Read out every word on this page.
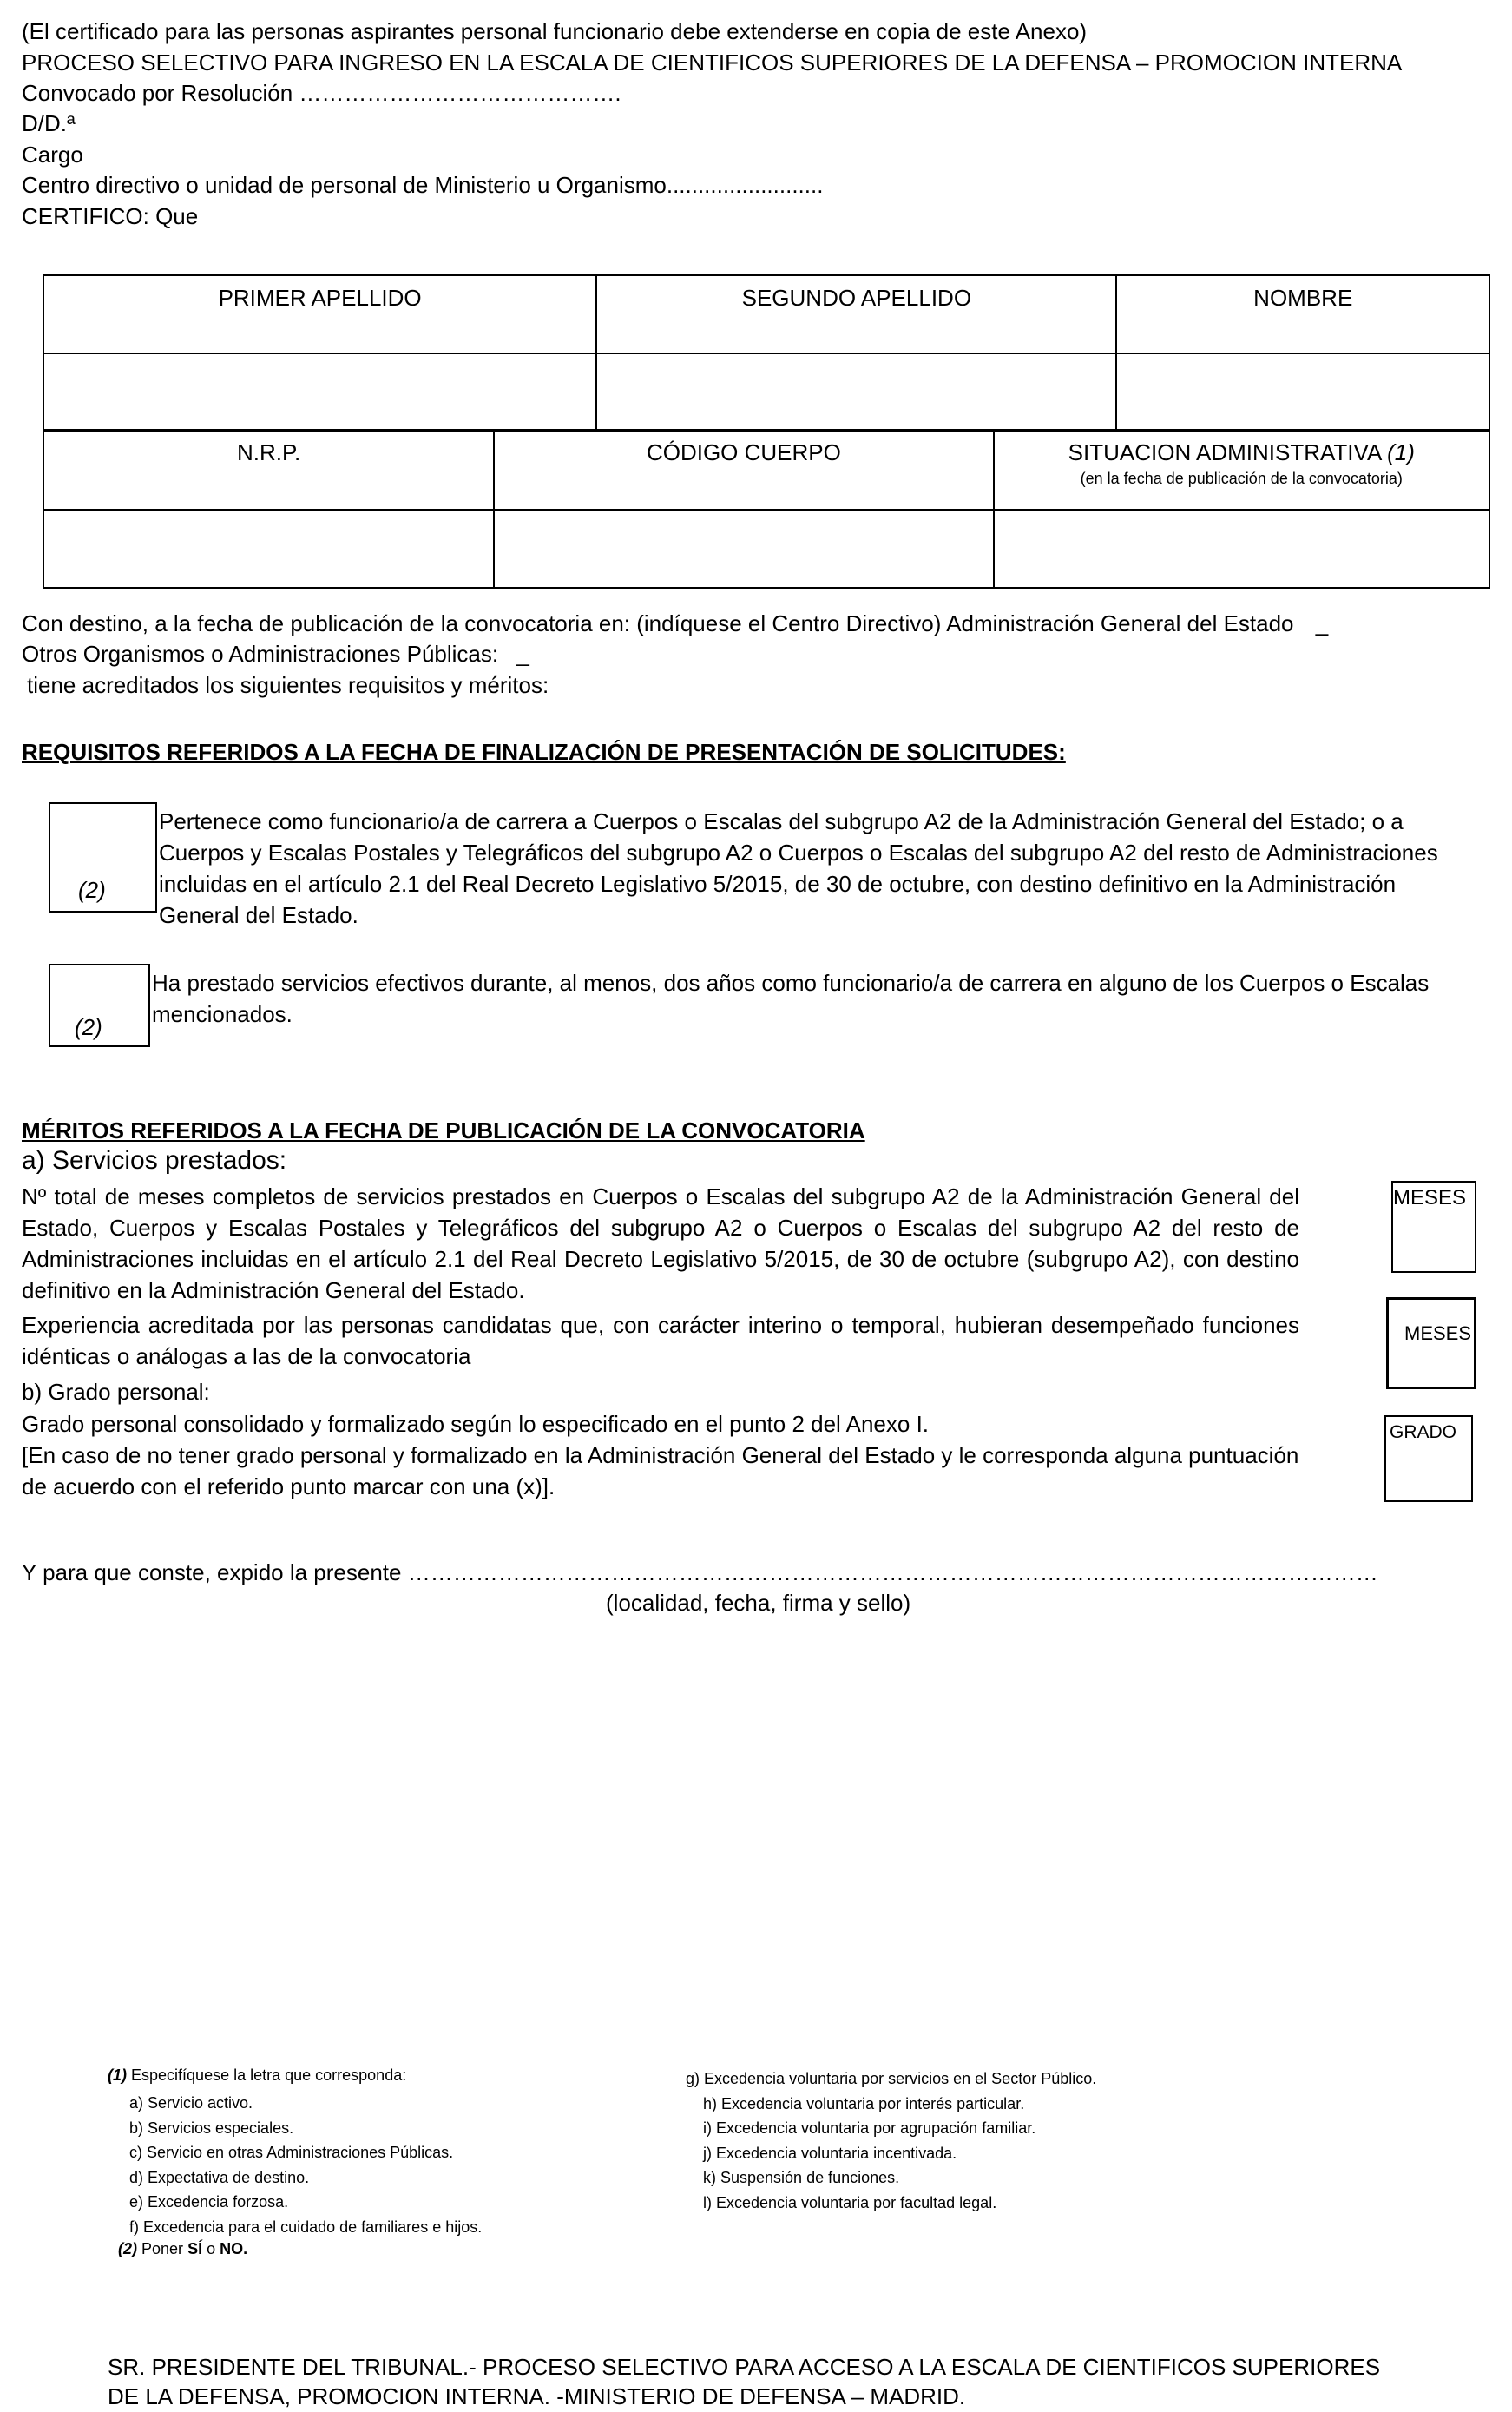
(El certificado para las personas aspirantes personal funcionario debe extenderse en copia de este Anexo)
PROCESO SELECTIVO PARA INGRESO EN LA ESCALA DE CIENTIFICOS SUPERIORES DE LA DEFENSA – PROMOCION INTERNA
Convocado por Resolución …………………………………….
D/D.ª
Cargo
Centro directivo o unidad de personal de Ministerio u Organismo.........................
CERTIFICO: Que
PRIMER APELLIDO	SEGUNDO APELLIDO	NOMBRE

N.R.P.	CÓDIGO CUERPO	SITUACION ADMINISTRATIVA (1)
(en la fecha de publicación de la convocatoria)

Con destino, a la fecha de publicación de la convocatoria en: (indíquese el Centro Directivo) Administración General del Estado _
Otros Organismos o Administraciones Públicas: _
tiene acreditados los siguientes requisitos y méritos:
REQUISITOS REFERIDOS A LA FECHA DE FINALIZACIÓN DE PRESENTACIÓN DE SOLICITUDES:
(2)
Pertenece como funcionario/a de carrera a Cuerpos o Escalas del subgrupo A2 de la Administración General del Estado; o a Cuerpos y Escalas Postales y Telegráficos del subgrupo A2 o Cuerpos o Escalas del subgrupo A2 del resto de Administraciones incluidas en el artículo 2.1 del Real Decreto Legislativo 5/2015, de 30 de octubre, con destino definitivo en la Administración General del Estado.
(2)
Ha prestado servicios efectivos durante, al menos, dos años como funcionario/a de carrera en alguno de los Cuerpos o Escalas mencionados.
MÉRITOS REFERIDOS A LA FECHA DE PUBLICACIÓN DE LA CONVOCATORIA
a) Servicios prestados:
Nº total de meses completos de servicios prestados en Cuerpos o Escalas del subgrupo A2 de la Administración General del Estado, Cuerpos y Escalas Postales y Telegráficos del subgrupo A2 o Cuerpos o Escalas del subgrupo A2 del resto de Administraciones incluidas en el artículo 2.1 del Real Decreto Legislativo 5/2015, de 30 de octubre (subgrupo A2), con destino definitivo en la Administración General del Estado.
Experiencia acreditada por las personas candidatas que, con carácter interino o temporal, hubieran desempeñado funciones idénticas o análogas a las de la convocatoria
b) Grado personal:
Grado personal consolidado y formalizado según lo especificado en el punto 2 del Anexo I.
[En caso de no tener grado personal y formalizado en la Administración General del Estado y le corresponda alguna puntuación de acuerdo con el referido punto marcar con una (x)].
MESES
MESES
GRADO
Y para que conste, expido la presente …………………………………………………………………………………………………………………
(localidad, fecha, firma y sello)
(1) Especifíquese la letra que corresponda:
a) Servicio activo.
b) Servicios especiales.
c) Servicio en otras Administraciones Públicas.
d) Expectativa de destino.
e) Excedencia forzosa.
f) Excedencia para el cuidado de familiares e hijos.
(2) Poner SÍ o NO.
g) Excedencia voluntaria por servicios en el Sector Público.
h) Excedencia voluntaria por interés particular.
i) Excedencia voluntaria por agrupación familiar.
j) Excedencia voluntaria incentivada.
k) Suspensión de funciones.
l) Excedencia voluntaria por facultad legal.
SR. PRESIDENTE DEL TRIBUNAL.- PROCESO SELECTIVO PARA ACCESO A LA ESCALA DE CIENTIFICOS SUPERIORES
DE LA DEFENSA, PROMOCION INTERNA. -MINISTERIO DE DEFENSA – MADRID.
